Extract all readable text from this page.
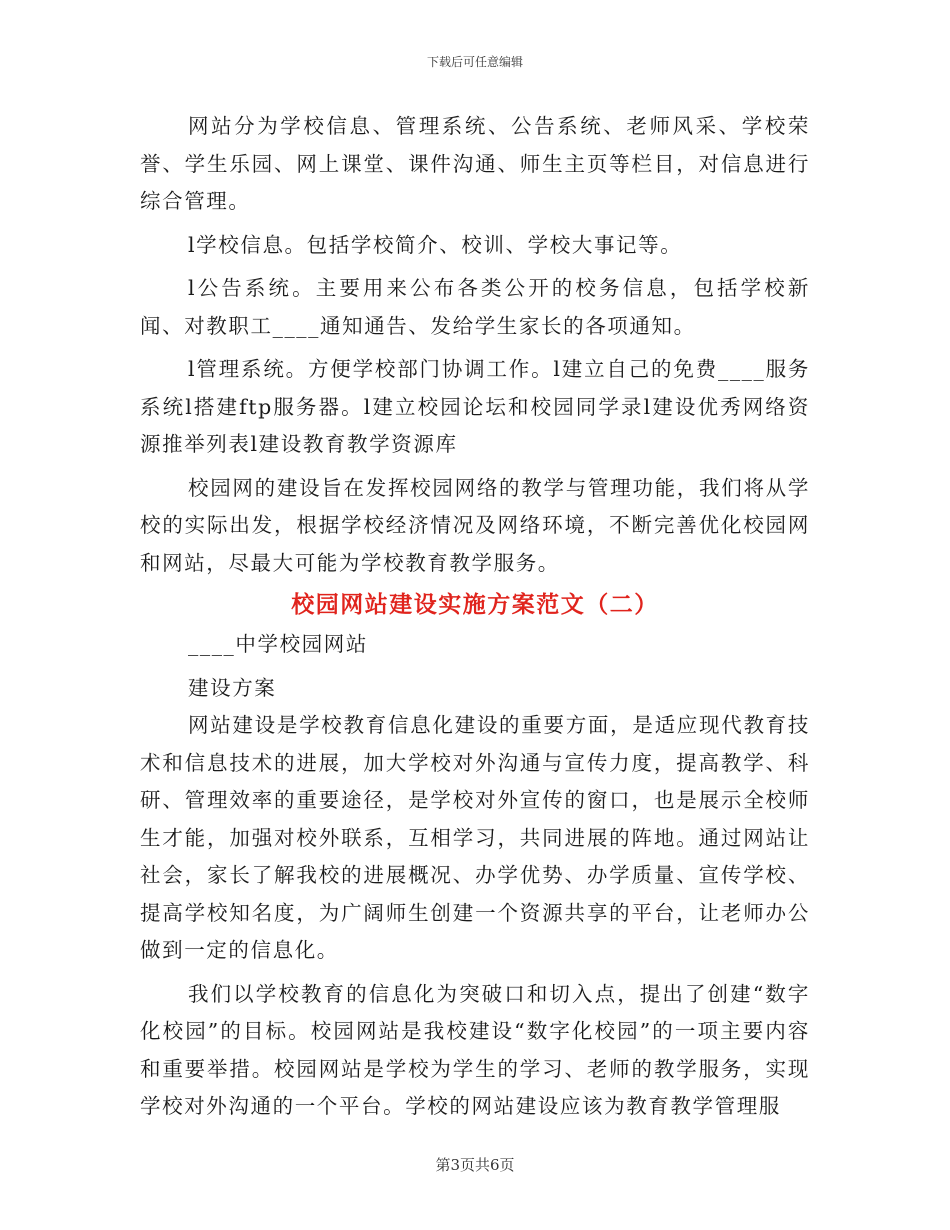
下载后可任意编辑

网站分为学校信息、管理系统、公告系统、老师风采、学校荣誉、学生乐园、网上课堂、课件沟通、师生主页等栏目，对信息进行综合管理。

l学校信息。包括学校简介、校训、学校大事记等。

l公告系统。主要用来公布各类公开的校务信息，包括学校新闻、对教职工____通知通告、发给学生家长的各项通知。

l管理系统。方便学校部门协调工作。l建立自己的免费____服务系统l搭建ftp服务器。l建立校园论坛和校园同学录l建设优秀网络资源推举列表l建设教育教学资源库

校园网的建设旨在发挥校园网络的教学与管理功能，我们将从学校的实际出发，根据学校经济情况及网络环境，不断完善优化校园网和网站，尽最大可能为学校教育教学服务。

校园网站建设实施方案范文（二）

____中学校园网站

建设方案

网站建设是学校教育信息化建设的重要方面，是适应现代教育技术和信息技术的进展，加大学校对外沟通与宣传力度，提高教学、科研、管理效率的重要途径，是学校对外宣传的窗口，也是展示全校师生才能，加强对校外联系，互相学习，共同进展的阵地。通过网站让社会，家长了解我校的进展概况、办学优势、办学质量、宣传学校、提高学校知名度，为广阔师生创建一个资源共享的平台，让老师办公做到一定的信息化。

我们以学校教育的信息化为突破口和切入点，提出了创建“数字化校园”的目标。校园网站是我校建设“数字化校园”的一项主要内容和重要举措。校园网站是学校为学生的学习、老师的教学服务，实现学校对外沟通的一个平台。学校的网站建设应该为教育教学管理服

第3页共6页
